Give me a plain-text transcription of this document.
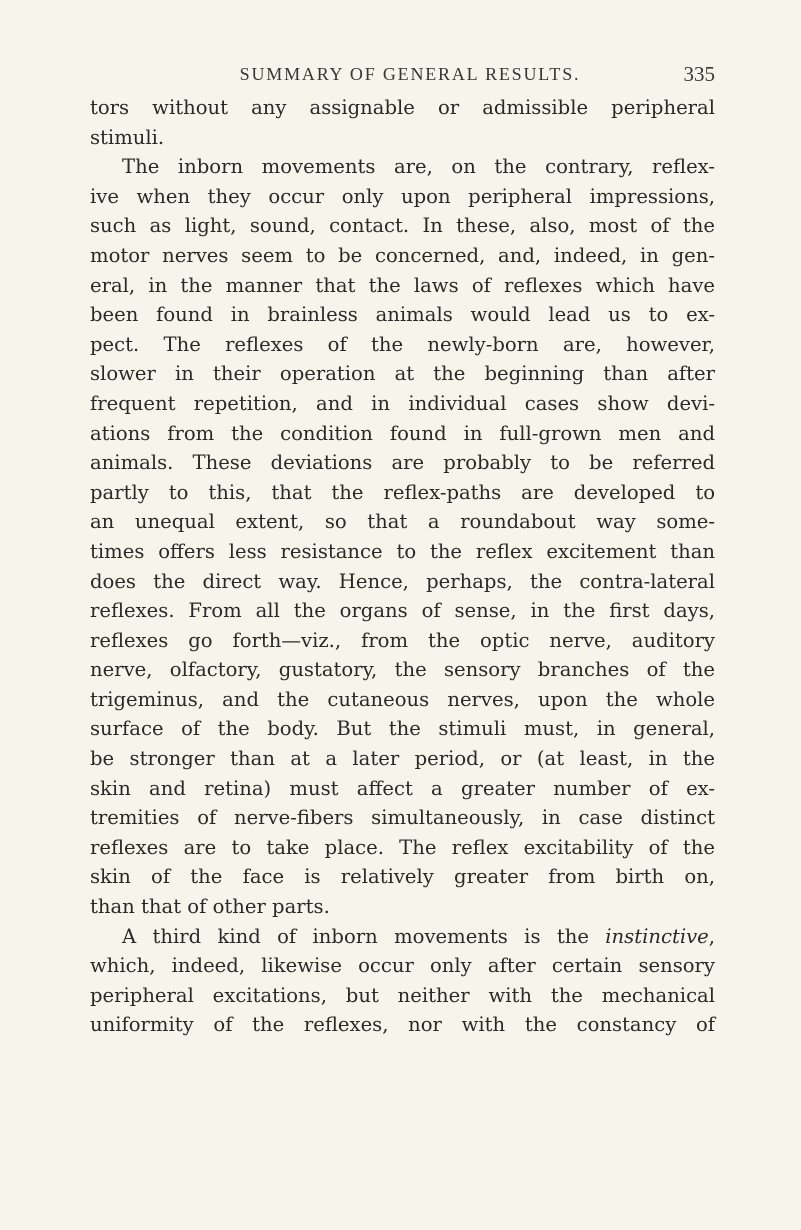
SUMMARY OF GENERAL RESULTS.	335
tors without any assignable or admissible peripheral
stimuli.
The inborn movements are, on the contrary, reflex-
ive when they occur only upon peripheral impressions,
such as light, sound, contact. In these, also, most of the
motor nerves seem to be concerned, and, indeed, in gen-
eral, in the manner that the laws of reflexes which have
been found in brainless animals would lead us to ex-
pect. The reflexes of the newly-born are, however,
slower in their operation at the beginning than after
frequent repetition, and in individual cases show devi-
ations from the condition found in full-grown men and
animals. These deviations are probably to be referred
partly to this, that the reflex-paths are developed to
an unequal extent, so that a roundabout way some-
times offers less resistance to the reflex excitement than
does the direct way. Hence, perhaps, the contra-lateral
reflexes. From all the organs of sense, in the first days,
reflexes go forth—viz., from the optic nerve, auditory
nerve, olfactory, gustatory, the sensory branches of the
trigeminus, and the cutaneous nerves, upon the whole
surface of the body. But the stimuli must, in general,
be stronger than at a later period, or (at least, in the
skin and retina) must affect a greater number of ex-
tremities of nerve-fibers simultaneously, in case distinct
reflexes are to take place. The reflex excitability of the
skin of the face is relatively greater from birth on,
than that of other parts.
A third kind of inborn movements is the instinctive,
which, indeed, likewise occur only after certain sensory
peripheral excitations, but neither with the mechanical
uniformity of the reflexes, nor with the constancy of
